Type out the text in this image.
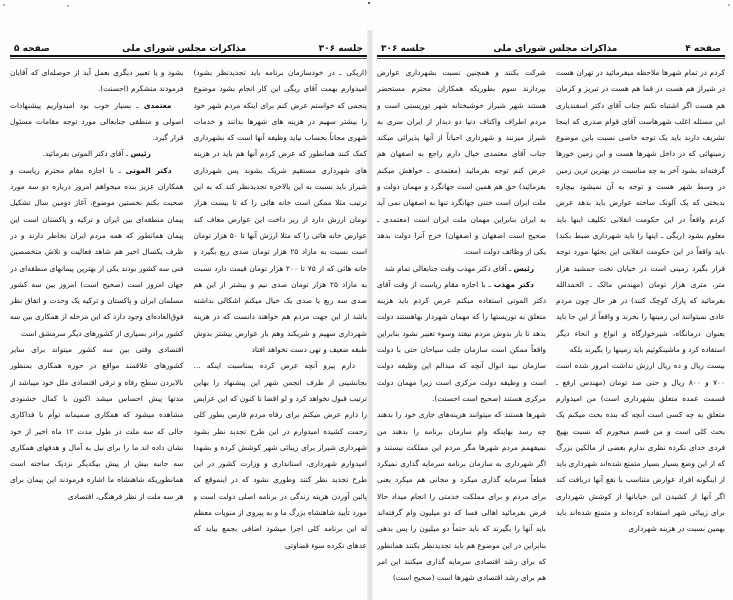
جلسه ۳۰۶
مذاکرات مجلس شورای ملی
صفحه ۵

(اریکی ـ در خودسازمان برنامه باید تجدیدنظر بشود) امیدوارم بهمت آقای ریگی این کار انجام بشود موضوع پنجمی که خواستم عرض کنم برای اینکه مردم شهر خود را بیشتر سهیم در هزینه های شهرها بدانند و خدمات شهری مجاناً بحساب نیاید وظیفه آنها است که بشهرداری کمک کنند همانطور که عرض کردم آنها هم باید در هزینه های شهرداری مستقیم شریک بشوند پس شهرداری شیراز باید نسبت به این بالاخره تجدیدنظر کند که به این ترتیب مثلا ممکن است خانه هائی را که تا بیست هزار تومان ارزش دارد از زیر داخت این عوارض معاف کند عوارض خانه هائی را که مثلا ارزش آنها تا ۵۰ هزار تومان است نسبت به مازاد ۲۵ هزار تومان صدی ربع بگیرد و خانه هائی که از ۷۵ تا ۲۰۰ هزار تومان قیمت دارد نسبت به مازاد ۲۵ هزار تومان صدی نیم و بیشتر از این هم صدی سه ربع یا صدی یک خیال میکنم اشکالی نداشته باشد از این جهت مردم هم خواهند دانست که در هزینه شهرداری سهیم و شریکند وهم بار عوارض بیشتر بدوش طبقه ضعیف و تهی دست نخواهد افتاد

دارم پیرو آنچه عرض کرده بمناسبت اینکه ... بجانشینی از طرف انجمن شهر این پیشنهاد را بهاین ترتیب قبول نخواهد کرد و لو اقضا تا کنون که این عرایض را دارم عرض میکنم برای رفاه مردم فارس بطور کلی زحمت کشیده امیدوارم در این طرح تجدید نظر بشود شهرداری شیراز برای زیبائی شهر کوشش کرده و بشهدا امیدوارم شهرداری، استانداری و وزارت کشور در این طرح تجدید نظر کنند وطوری نشود که در اینموقع که پائین آوردن هزینه زندگی در برنامه اصلی دولت است و مورد تأیید شاهنشاه بزرگ ما و به پیروی از منویات معظم له این برنامه کلی اجرا میشود اضافی بجمع بیاید که عدهای نکرده سوء قضاوتی

بشود و یا تعبیر دیگری بعمل آید از حوصله‌ای که آقایان فرمودند متشکرم (احسنت).

معتمدی ـ بسیار خوب بود امیدواریم پیشنهادات اصولی و منطقی جنابعالی مورد توجه مقامات مسئول قرار گیرد.

رئیس ـ آقای دکتر الموتی بفرمائید.

دکتر الموتی ـ با اجازه مقام محترم ریاست و همکاران عزیز بنده میخواهم امروز درباره دو سه مورد صحبت بکنم نخستین موضوع، آغاز دومین سال تشکیل پیمان منطقه‌ای بین ایران و ترکیه و پاکستان است این پیمان همانطور که همه مردم ایران بخاطر دارند و در ظرف یکسال اخیر هم شاهد فعالیت و تلاش متخصصین فنی سه کشور بودند یکی از بهترین پیمانهای منطقه‌ای در جهان امروز است (صحیح است) امروز بین سه کشور مسلمان ایران و پاکستان و ترکیه یک وحدت و اتفاق نظر فوق‌العاده‌ای وجود دارد که این مرحله از همکاری بین سه کشور برادر بسیاری از کشورهای دیگر سرمشق است

اقتصادی وقتی بین سه کشور میتواند برای سایر کشورهای علاقمند مواقع در حوزه همکاری بمنظور بالابردن سطح رفاه و ترقی اقتصادی ملل خود میباشد از مدتها پیش احساس میشد اکنون با کمال خشنودی مشاهده میشود که همکاری صمیمانه توأم با فداکاری حالی که سه ملت در طول مدت ۱۲ ماه اخیر از خود نشان داده اند ما را برای نیل به آمال و هدفهای همکاری سه جانبه بیش از پیش بیکدیگر نزدیک ساخته است همانطوریکه شاهنشاه ما اشاره فرمودند این پیمان برای هر سه ملت از نظر فرهنگی، اقتصادی

صفحه ۴
مذاکرات مجلس شورای ملی
جلسه ۳۰۶

کردم در تمام شهرها ملاحظه میفرمائید در تهران هست در شیراز هم هست در قما هم هست در تبریز و کرمان هم هست اگر اشتباه نکنم جناب آقای دکتر اسفندیاری این مسئله اغلب شهرهاست آقای قوام صدری که اینجا تشریف دارند باید یک توجه خاصی نسبت باین موضوع زمینهائی که در داخل شهرها هست و این زمین خورها گرفته‌اند بشود آخر به چه مناسبت در بهترین ترین زمین در وسط شهر هست و توجه به آن نمیشود بیچاره بدبختی که یک آلونک ساخته عوارض باید بدهد عرض کردم واقعاً در این حکومت انقلابی تکلیف اینها باید معلوم بشود (ریگی ـ اینها را باید شهرداری ضبط بکند) باید واقعاً در این حکومت انقلابی این بحثها مورد توجه قرار بگیرد زمینی است در خیابان تخت جمشید هزار متر، متری هزار تومان (مهندس مالک ـ الحمدالله بفرمائید که پارک کوچک کنند) در هر حال چون مردم عادی نمیتوانند این زمینها را بخرند و واقعاً از این جا باید بعنوان درمانگاه، شیرخوارگاه و انواع و انحاء دیگر استفاده کرد و ماشینکوئیم باید زمینها را بگیرند بلکه

بیست ریال و ده ریال ارزش نداشت امروز شده است ۷۰۰ و ۸۰۰ ریال و حتی صد تومان (مهندس ارفع ـ قسمت عمده متعلق بشهرداری است) من امیدوارم متعلق به چه کسی است آنچه که بنده بحث میکنم یک بحث کلی است و من قسم میخورم که نسبت بهیچ فردی خدای نکرده نظری ندارم بعضی از مالکین بزرگ که از این وضع بسیار بسیار متمتع شده‌اند شهرداری باید از اینگونه افراد عوارض متناسب با نفع آنها دریافت کند اگر آنها از کشیدن این خیابانها از کوشش شهرداری برای زیبائی شهر استفاده کرده‌اند و متمتع شده‌اند باید بهمین نسبت در هزینه شهرداری

شرکت بکنند و همچنین نسبت بشهرداری عوارض بپردازند سوم بطوریکه همکاران محترم مستحضر هستند شهر شیراز خوشبختانه شهر توریستی است و مردم اطراف واکناف دنیا دو دیدار از ایران سری به شیراز میزنند و شهرداری احیاناً از آنها پذیرائی میکند جناب آقای معتمدی خیال دارم راجع به اصفهان هم عرض کنم توجه بفرمائید (معتمدی ـ خواهش میکنم بفرمائید) حق هم همین است جهانگرد و مهمان دولت و ملت ایران است ختنی جهانگرد تنها به اصفهان نمی آید به ایران بنابراین مهمان ملت ایران است (معتمدی ـ صحیح است اصفهان و اصفهان) خرج آنرا دولت بدهد یکی از وظائف دولت است.

رئیس ـ آقای دکتر مهذب وقت جنابعالی تمام شد

دکتر مهذب ـ با اجازه مقام ریاست از وقت آقای دکتر الموتی استفاده میکنم عرض کردم باید هزینه متعلق به توریستها را که مهمان شهردار بهاهستند دولت بدهد تا بار بدوش مردم نیفتد وسوء تعبیر نشود بنابراین واقعاً ممکن است سازمان جلب سیاحان حتی با دولت سازمان نبید انوال آنچه که مبدالم این وظیفه دولت است و وظیفه دولت مرکزی است زیرا مهمان دولت مرکزی هستند (صحیح است احسنت).

شهرها هستند که میتوانند هزینه‌های جاری خود را بدهند چه رسد بهاینکه وام سازمان برنامه را بدهند من نمیفهمم مردم شهرها مگر مردم این مملکت نیستند و اگر شهرداری به سازمان برنامه سرمایه گذاری نمیکرد قطعاً سرمایه گذاری میکرد و مجانی هم میکرد یعنی برای مردم و برای مملکت خدمتی را انجام میداد حالا فرض بفرمائید اهالی فسا که دو میلیون وام گرفته‌اند باید آنها را بگیرند که باید حتماً دو میلیون را پس بدهی بنابراین در این موضوع هم باید تجدیدنظر بکنند همانطور که برای رشد اقتصادی سرمایه گذاری میکنند این امر هم برای رشد اقتصادی شهرها است (صحیح است)
